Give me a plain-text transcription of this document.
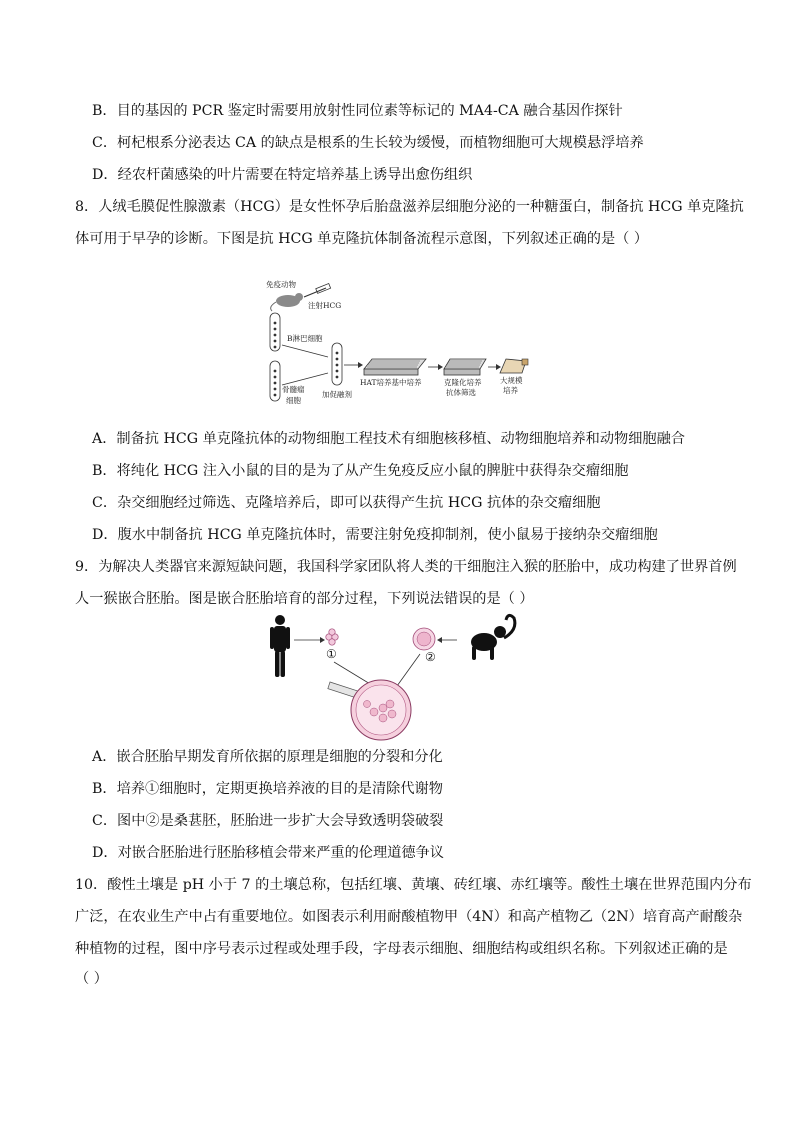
B．目的基因的 PCR 鉴定时需要用放射性同位素等标记的 MA4-CA 融合基因作探针
C．柯杞根系分泌表达 CA 的缺点是根系的生长较为缓慢，而植物细胞可大规模悬浮培养
D．经农杆菌感染的叶片需要在特定培养基上诱导出愈伤组织
8．人绒毛膜促性腺激素（HCG）是女性怀孕后胎盘滋养层细胞分泌的一种糖蛋白，制备抗 HCG 单克隆抗
体可用于早孕的诊断。下图是抗 HCG 单克隆抗体制备流程示意图，下列叙述正确的是（ ）
免疫动物
注射HCG
B淋巴细胞
骨髓瘤
细胞
加促融剂
HAT培养基中培养	克隆化培养
抗体筛选
大规模
培养
A．制备抗 HCG 单克隆抗体的动物细胞工程技术有细胞核移植、动物细胞培养和动物细胞融合
B．将纯化 HCG 注入小鼠的目的是为了从产生免疫反应小鼠的脾脏中获得杂交瘤细胞
C．杂交细胞经过筛选、克隆培养后，即可以获得产生抗 HCG 抗体的杂交瘤细胞
D．腹水中制备抗 HCG 单克隆抗体时，需要注射免疫抑制剂，使小鼠易于接纳杂交瘤细胞
9．为解决人类器官来源短缺问题，我国科学家团队将人类的干细胞注入猴的胚胎中，成功构建了世界首例
人一猴嵌合胚胎。图是嵌合胚胎培育的部分过程，下列说法错误的是（ ）
①	②
A．嵌合胚胎早期发育所依据的原理是细胞的分裂和分化
B．培养①细胞时，定期更换培养液的目的是清除代谢物
C．图中②是桑葚胚，胚胎进一步扩大会导致透明袋破裂
D．对嵌合胚胎进行胚胎移植会带来严重的伦理道德争议
10．酸性土壤是 pH 小于 7 的土壤总称，包括红壤、黄壤、砖红壤、赤红壤等。酸性土壤在世界范围内分布
广泛，在农业生产中占有重要地位。如图表示利用耐酸植物甲（4N）和高产植物乙（2N）培育高产耐酸杂
种植物的过程，图中序号表示过程或处理手段，字母表示细胞、细胞结构或组织名称。下列叙述正确的是
（ ）
